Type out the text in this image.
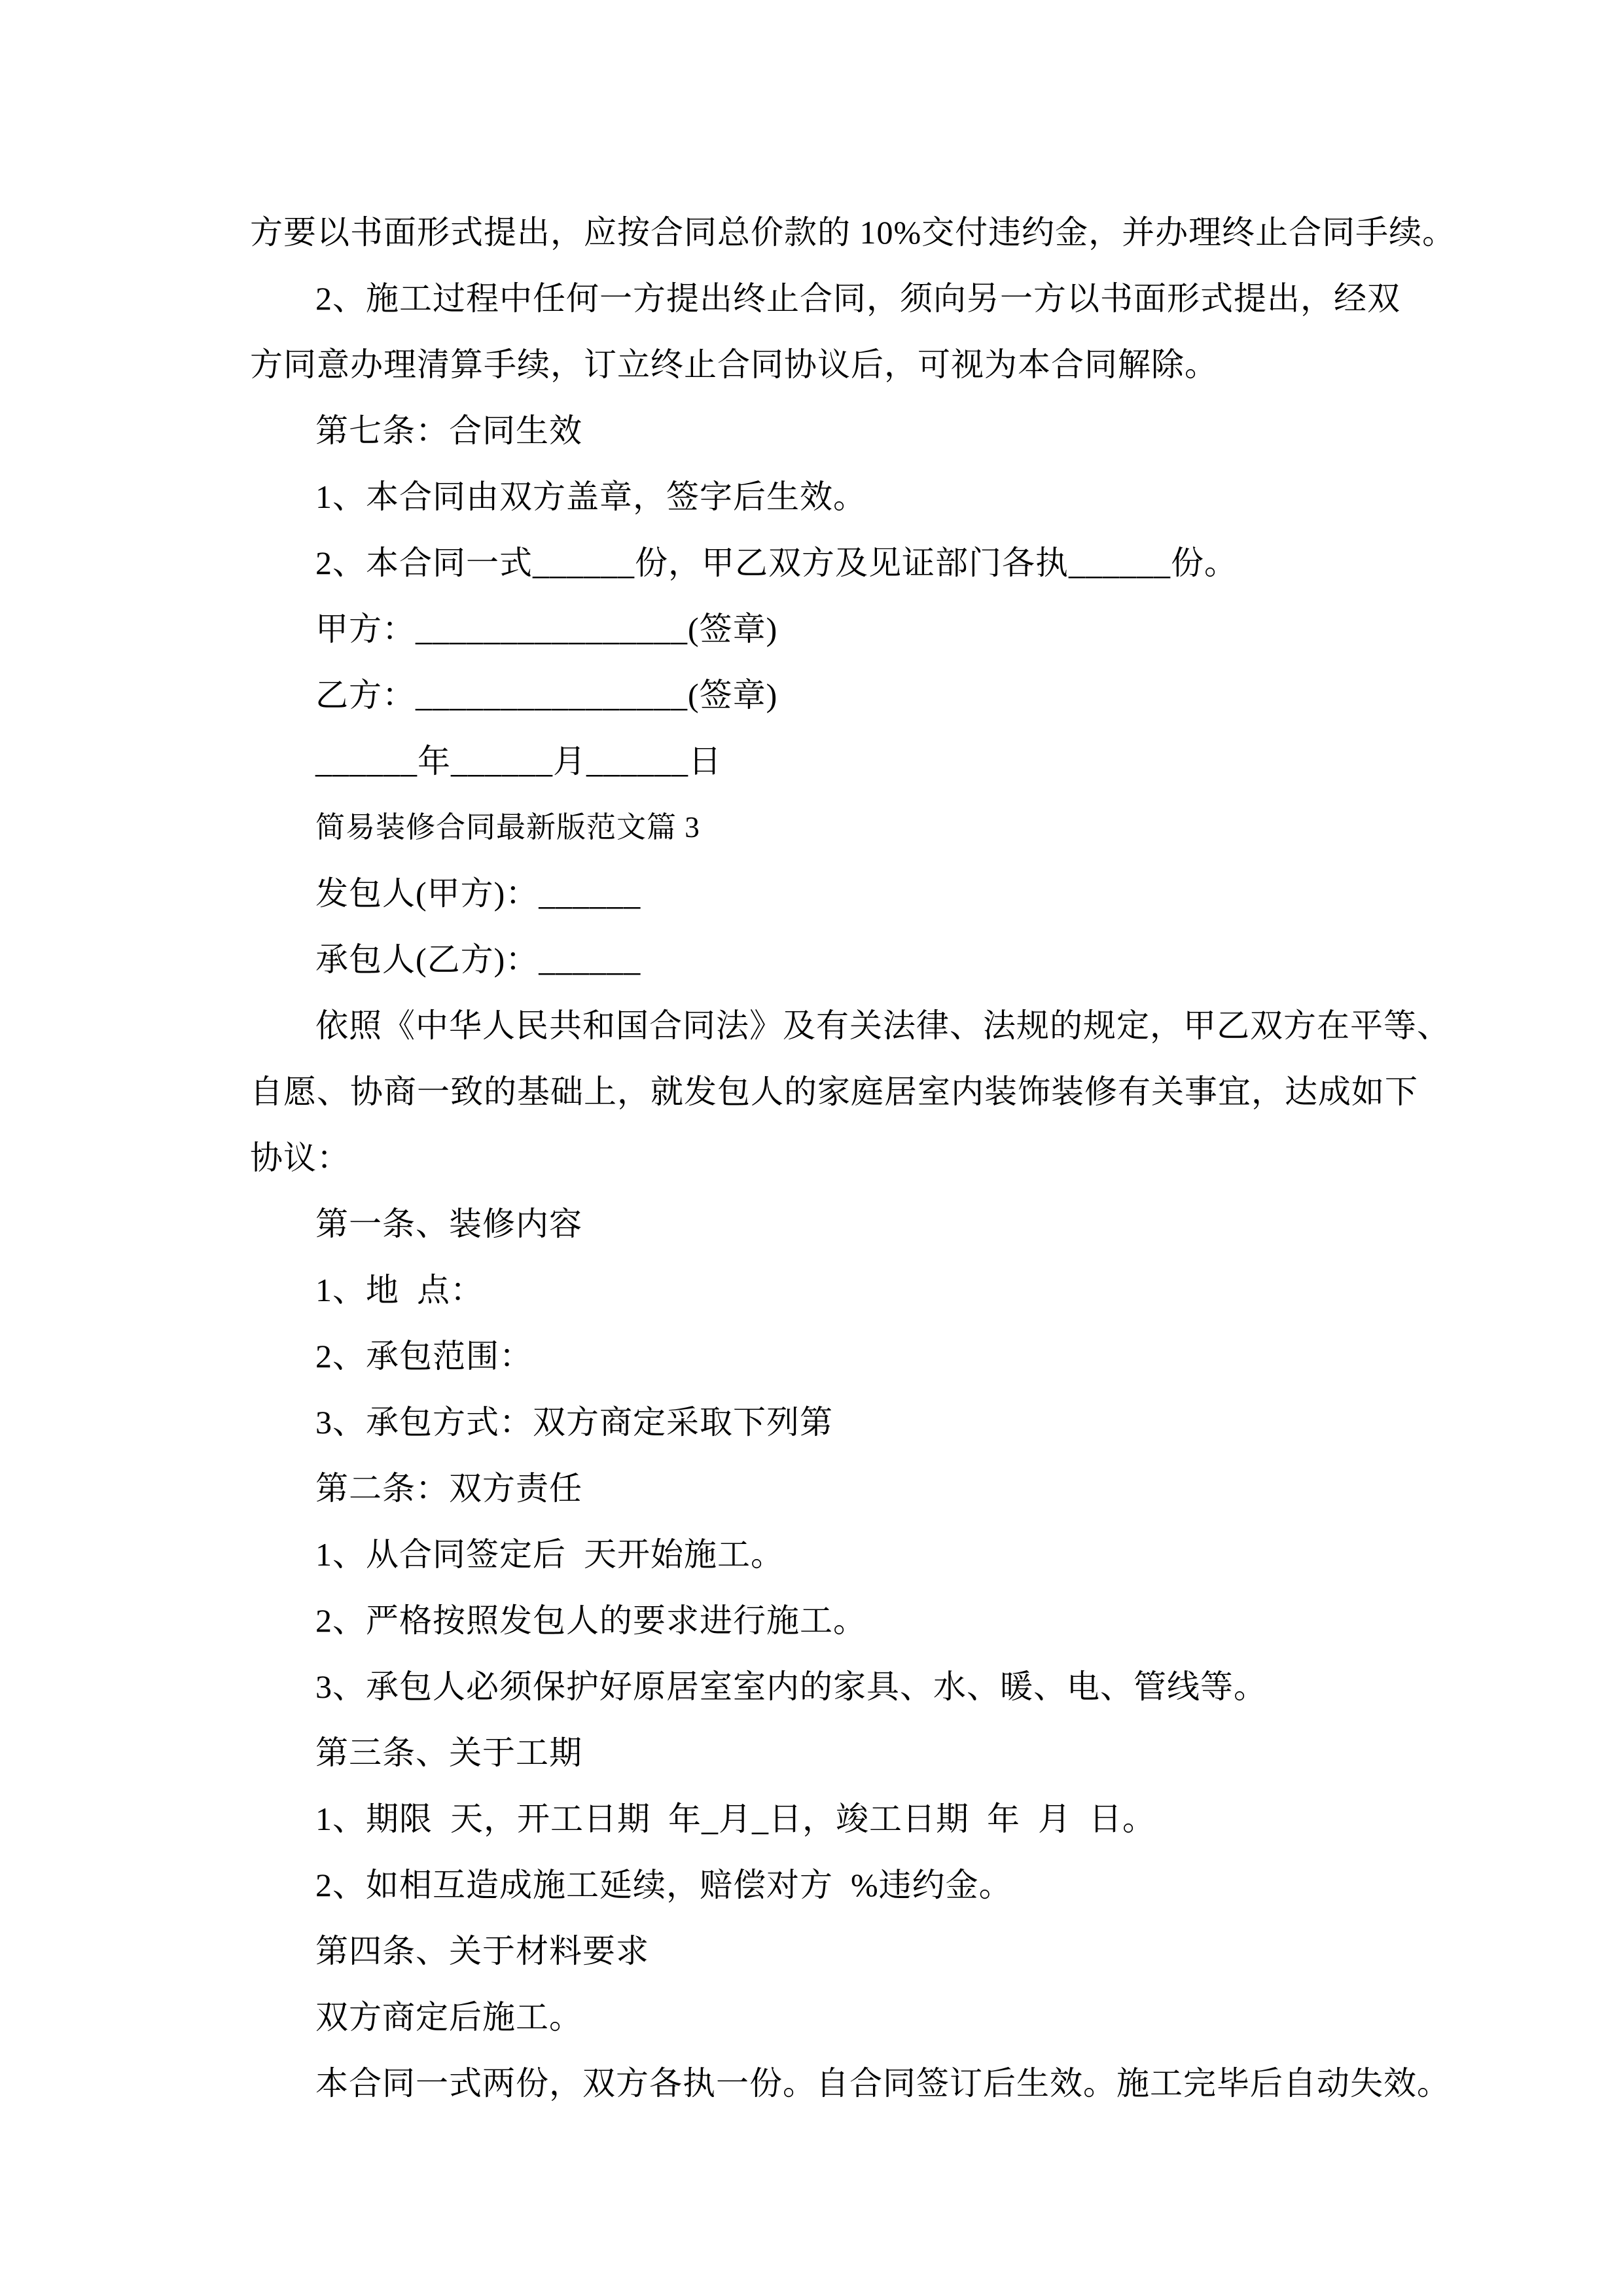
方要以书面形式提出，应按合同总价款的 10%交付违约金，并办理终止合同手续。

2、施工过程中任何一方提出终止合同，须向另一方以书面形式提出，经双

方同意办理清算手续，订立终止合同协议后，可视为本合同解除。

第七条：合同生效

1、本合同由双方盖章，签字后生效。

2、本合同一式______份，甲乙双方及见证部门各执______份。

甲方：________________(签章)

乙方：________________(签章)

______年______月______日

简易装修合同最新版范文篇 3

发包人(甲方)：______

承包人(乙方)：______

依照《中华人民共和国合同法》及有关法律、法规的规定，甲乙双方在平等、

自愿、协商一致的基础上，就发包人的家庭居室内装饰装修有关事宜，达成如下

协议：

第一条、装修内容

1、地  点：

2、承包范围：

3、承包方式：双方商定采取下列第

第二条：双方责任

1、从合同签定后  天开始施工。

2、严格按照发包人的要求进行施工。

3、承包人必须保护好原居室室内的家具、水、暖、电、管线等。

第三条、关于工期

1、期限  天，开工日期  年_月_日，竣工日期  年  月  日。

2、如相互造成施工延续，赔偿对方  %违约金。

第四条、关于材料要求

双方商定后施工。

本合同一式两份，双方各执一份。自合同签订后生效。施工完毕后自动失效。
